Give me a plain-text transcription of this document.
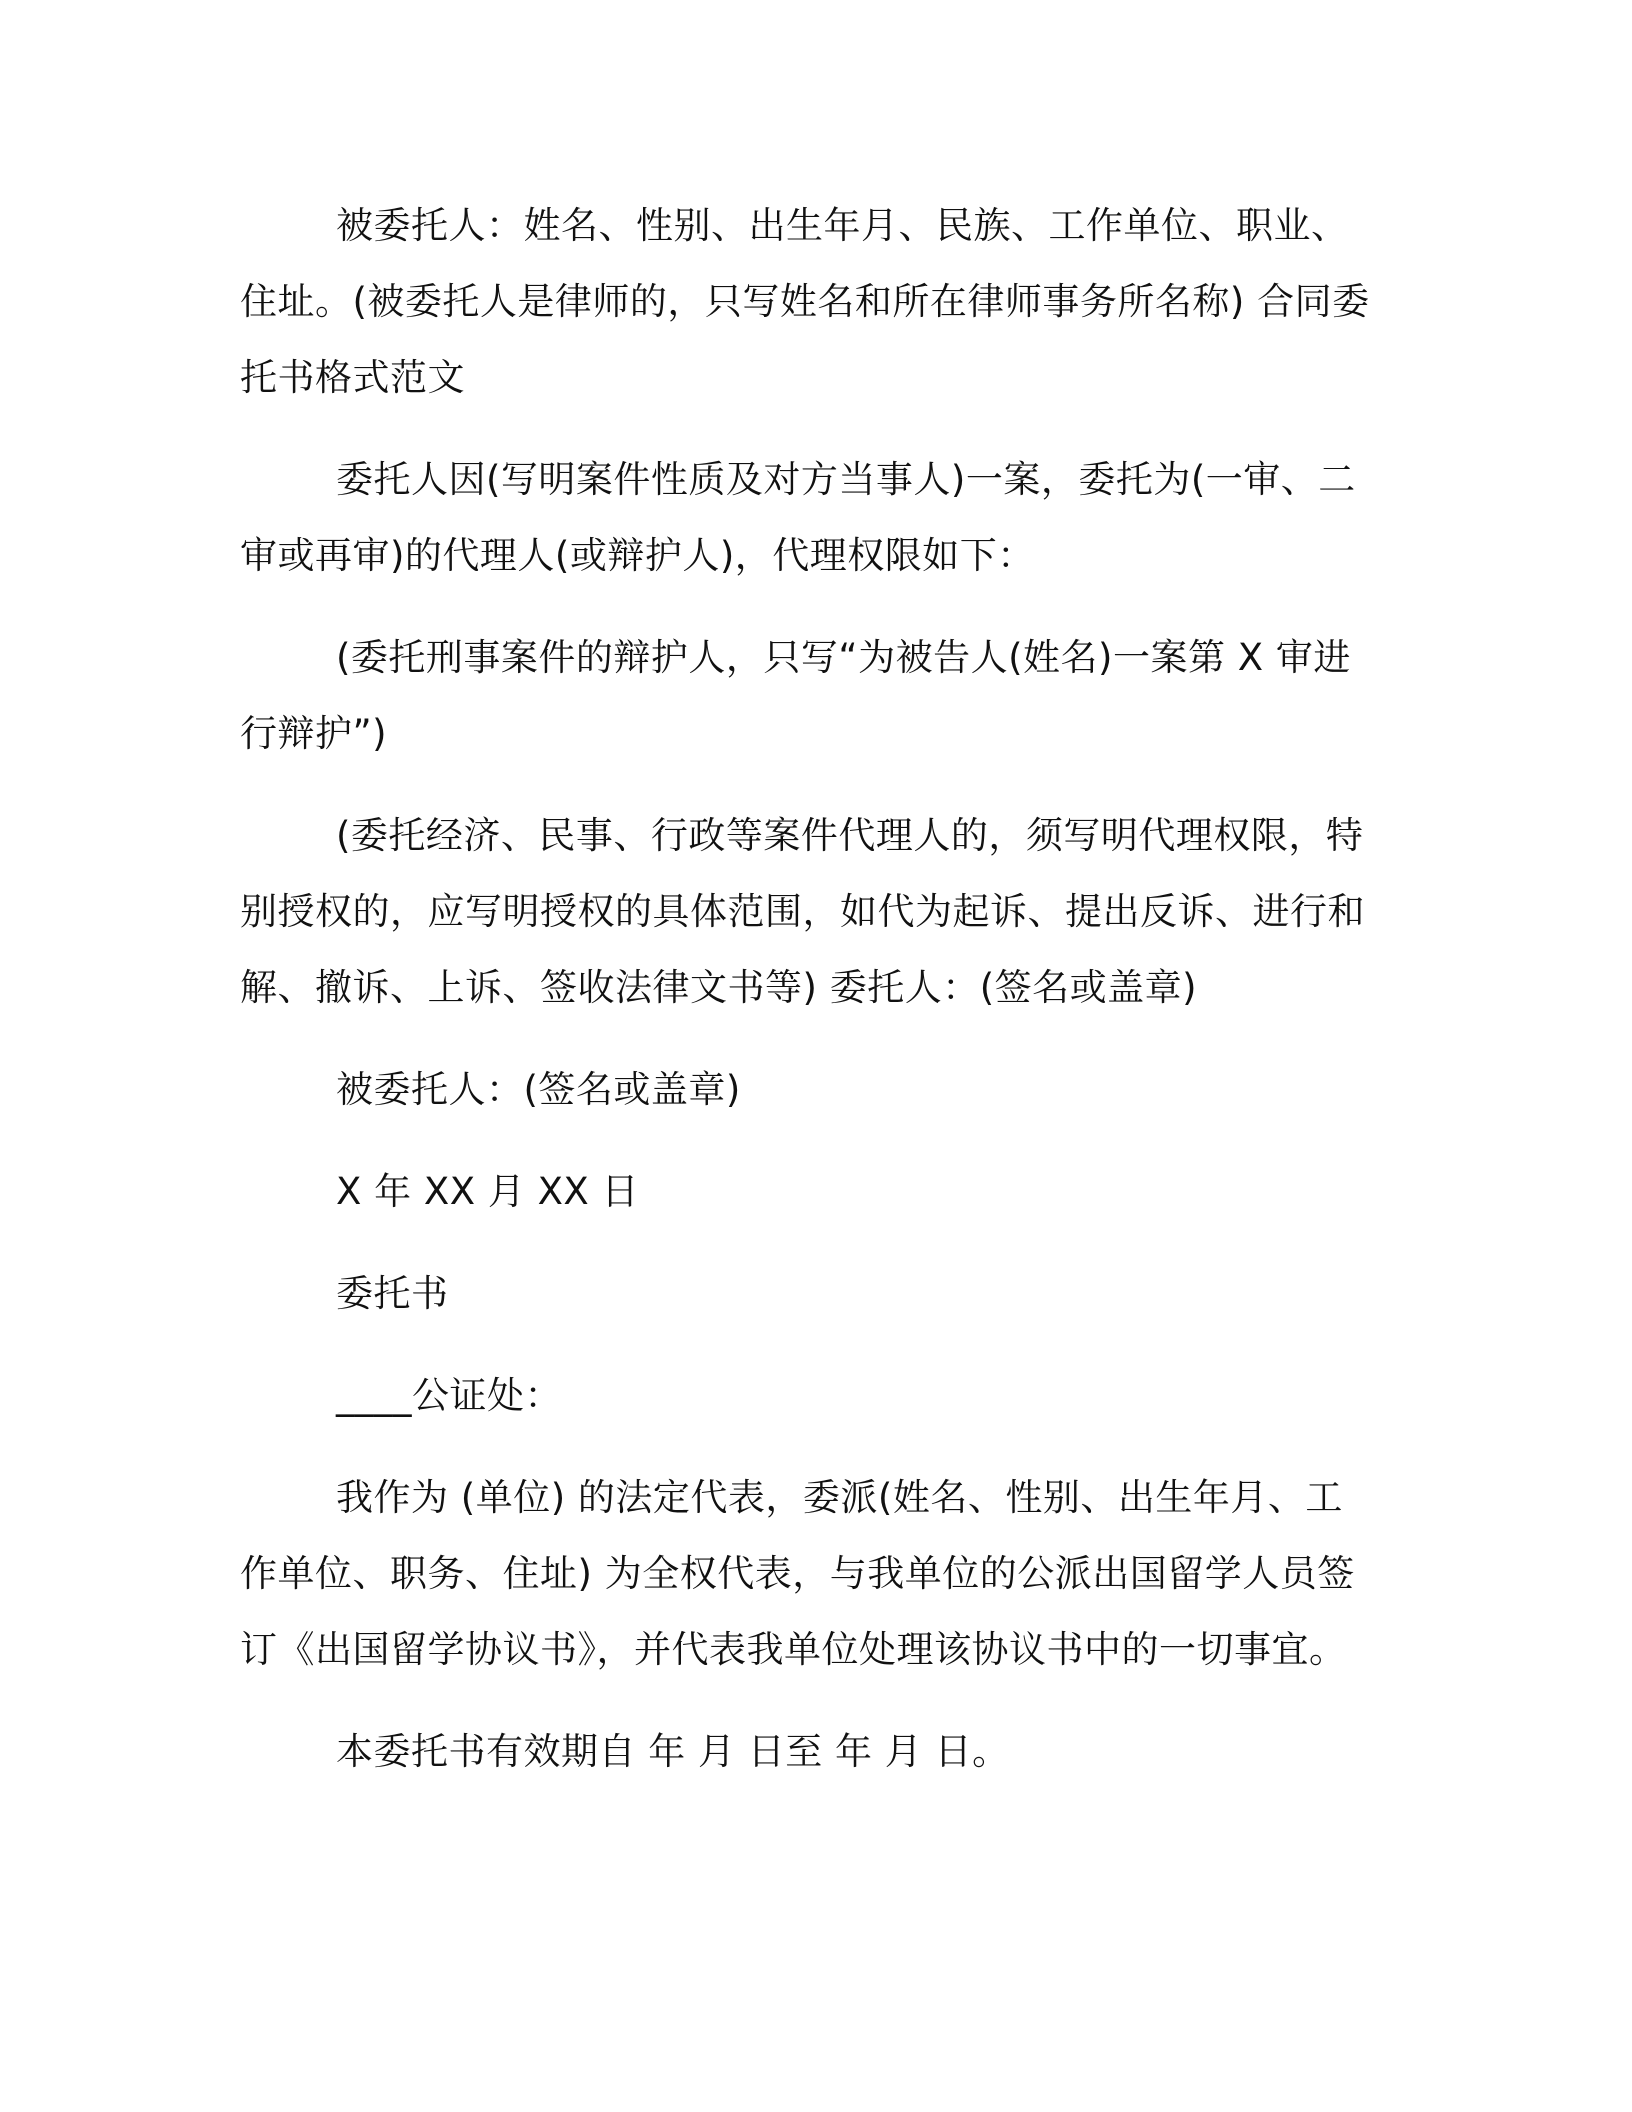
被委托人：姓名、性别、出生年月、民族、工作单位、职业、住址。(被委托人是律师的，只写姓名和所在律师事务所名称) 合同委托书格式范文

委托人因(写明案件性质及对方当事人)一案，委托为(一审、二审或再审)的代理人(或辩护人)，代理权限如下：

(委托刑事案件的辩护人，只写“为被告人(姓名)一案第 X 审进行辩护”)

(委托经济、民事、行政等案件代理人的，须写明代理权限，特别授权的，应写明授权的具体范围，如代为起诉、提出反诉、进行和解、撤诉、上诉、签收法律文书等) 委托人：(签名或盖章)

被委托人：(签名或盖章)

X 年 XX 月 XX 日

委托书

____公证处：

我作为 (单位) 的法定代表，委派(姓名、性别、出生年月、工作单位、职务、住址) 为全权代表，与我单位的公派出国留学人员签订《出国留学协议书》，并代表我单位处理该协议书中的一切事宜。

本委托书有效期自 年 月 日至 年 月 日。
